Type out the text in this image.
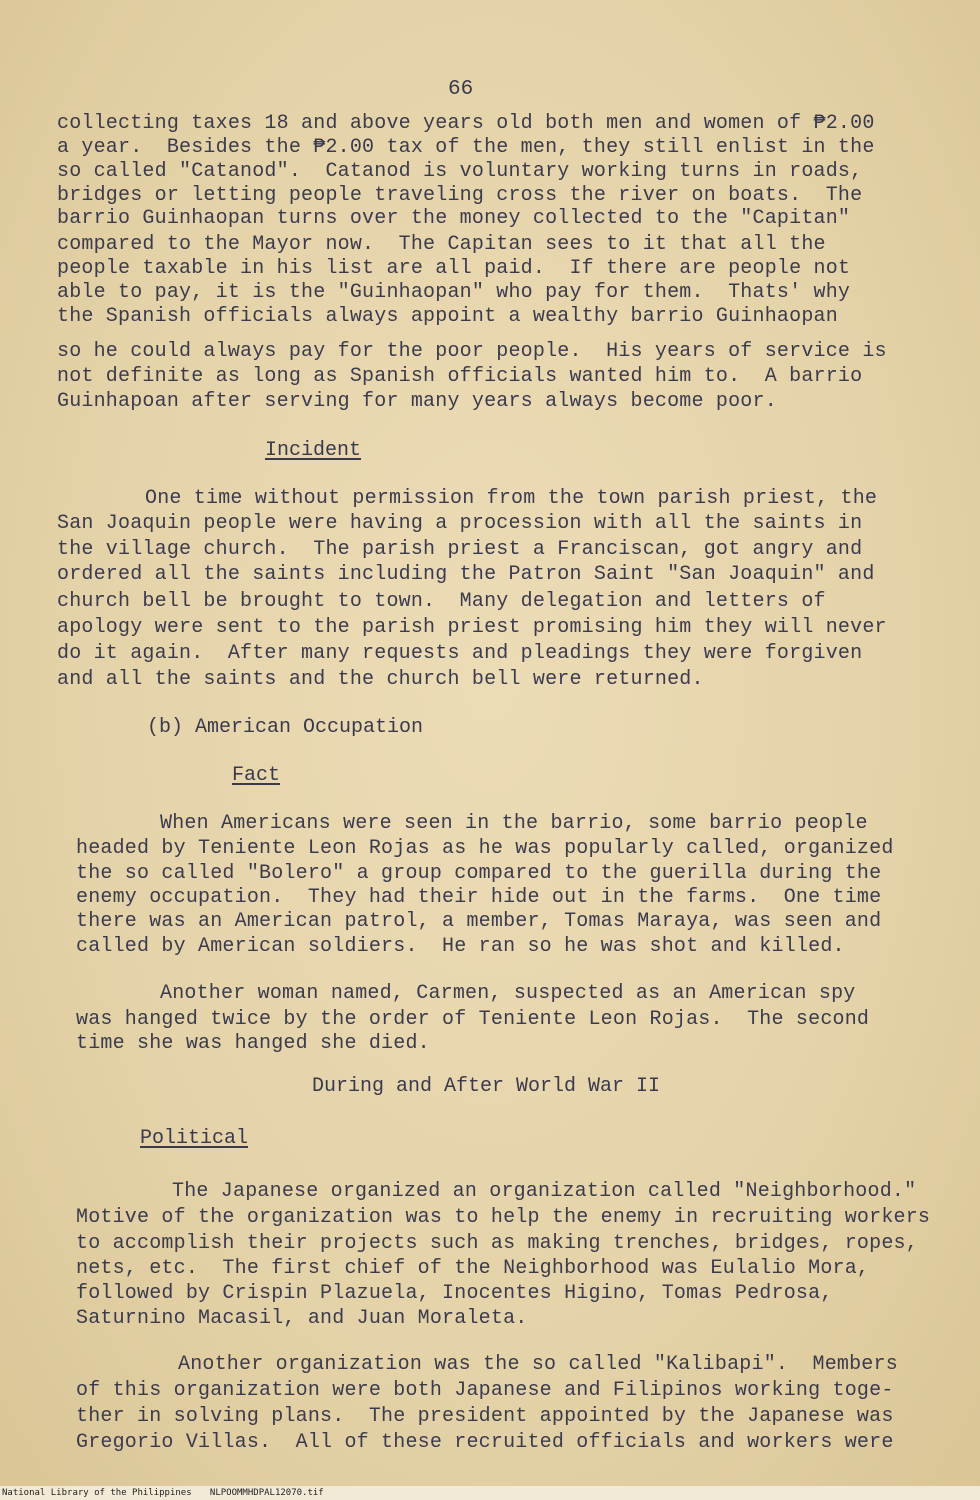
66
collecting taxes 18 and above years old both men and women of ₱2.00
a year.  Besides the ₱2.00 tax of the men, they still enlist in the
so called "Catanod".  Catanod is voluntary working turns in roads,
bridges or letting people traveling cross the river on boats.  The
barrio Guinhaopan turns over the money collected to the "Capitan"
compared to the Mayor now.  The Capitan sees to it that all the
people taxable in his list are all paid.  If there are people not
able to pay, it is the "Guinhaopan" who pay for them.  Thats' why
the Spanish officials always appoint a wealthy barrio Guinhaopan
so he could always pay for the poor people.  His years of service is
not definite as long as Spanish officials wanted him to.  A barrio
Guinhapoan after serving for many years always become poor.
Incident
One time without permission from the town parish priest, the
San Joaquin people were having a procession with all the saints in
the village church.  The parish priest a Franciscan, got angry and
ordered all the saints including the Patron Saint "San Joaquin" and
church bell be brought to town.  Many delegation and letters of
apology were sent to the parish priest promising him they will never
do it again.  After many requests and pleadings they were forgiven
and all the saints and the church bell were returned.
(b) American Occupation
Fact
When Americans were seen in the barrio, some barrio people
headed by Teniente Leon Rojas as he was popularly called, organized
the so called "Bolero" a group compared to the guerilla during the
enemy occupation.  They had their hide out in the farms.  One time
there was an American patrol, a member, Tomas Maraya, was seen and
called by American soldiers.  He ran so he was shot and killed.
Another woman named, Carmen, suspected as an American spy
was hanged twice by the order of Teniente Leon Rojas.  The second
time she was hanged she died.
During and After World War II
Political
The Japanese organized an organization called "Neighborhood."
Motive of the organization was to help the enemy in recruiting workers
to accomplish their projects such as making trenches, bridges, ropes,
nets, etc.  The first chief of the Neighborhood was Eulalio Mora,
followed by Crispin Plazuela, Inocentes Higino, Tomas Pedrosa,
Saturnino Macasil, and Juan Moraleta.
Another organization was the so called "Kalibapi".  Members
of this organization were both Japanese and Filipinos working toge-
ther in solving plans.  The president appointed by the Japanese was
Gregorio Villas.  All of these recruited officials and workers were
National Library of the Philippines NLPOOMMHDPAL12070.tif
